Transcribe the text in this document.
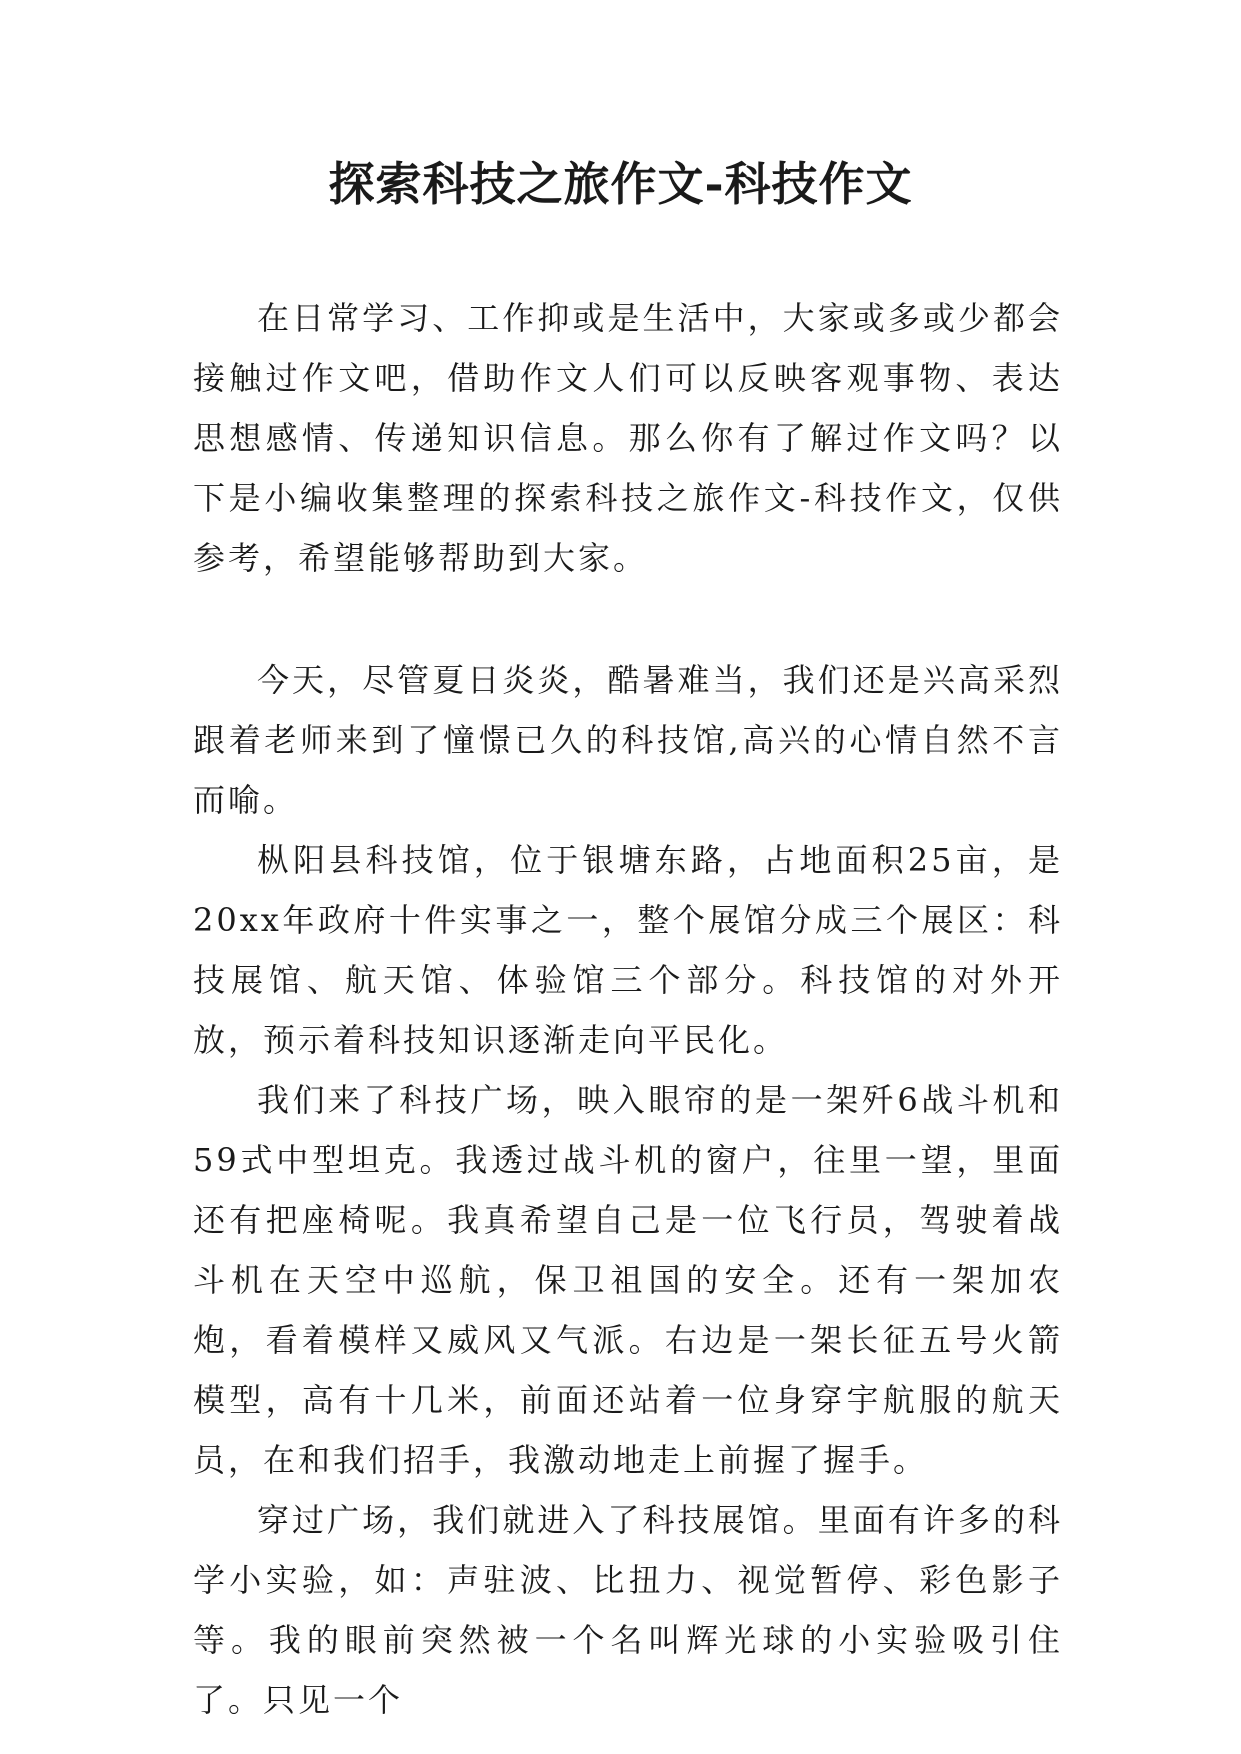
探索科技之旅作文-科技作文

在日常学习、工作抑或是生活中，大家或多或少都会接触过作文吧，借助作文人们可以反映客观事物、表达思想感情、传递知识信息。那么你有了解过作文吗？以下是小编收集整理的探索科技之旅作文-科技作文，仅供参考，希望能够帮助到大家。

今天，尽管夏日炎炎，酷暑难当，我们还是兴高采烈跟着老师来到了憧憬已久的科技馆,高兴的心情自然不言而喻。

枞阳县科技馆，位于银塘东路，占地面积25亩，是20xx年政府十件实事之一，整个展馆分成三个展区：科技展馆、航天馆、体验馆三个部分。科技馆的对外开放，预示着科技知识逐渐走向平民化。

我们来了科技广场，映入眼帘的是一架歼6战斗机和59式中型坦克。我透过战斗机的窗户，往里一望，里面还有把座椅呢。我真希望自己是一位飞行员，驾驶着战斗机在天空中巡航，保卫祖国的安全。还有一架加农炮，看着模样又威风又气派。右边是一架长征五号火箭模型，高有十几米，前面还站着一位身穿宇航服的航天员，在和我们招手，我激动地走上前握了握手。

穿过广场，我们就进入了科技展馆。里面有许多的科学小实验，如：声驻波、比扭力、视觉暂停、彩色影子等。我的眼前突然被一个名叫辉光球的小实验吸引住了。只见一个
